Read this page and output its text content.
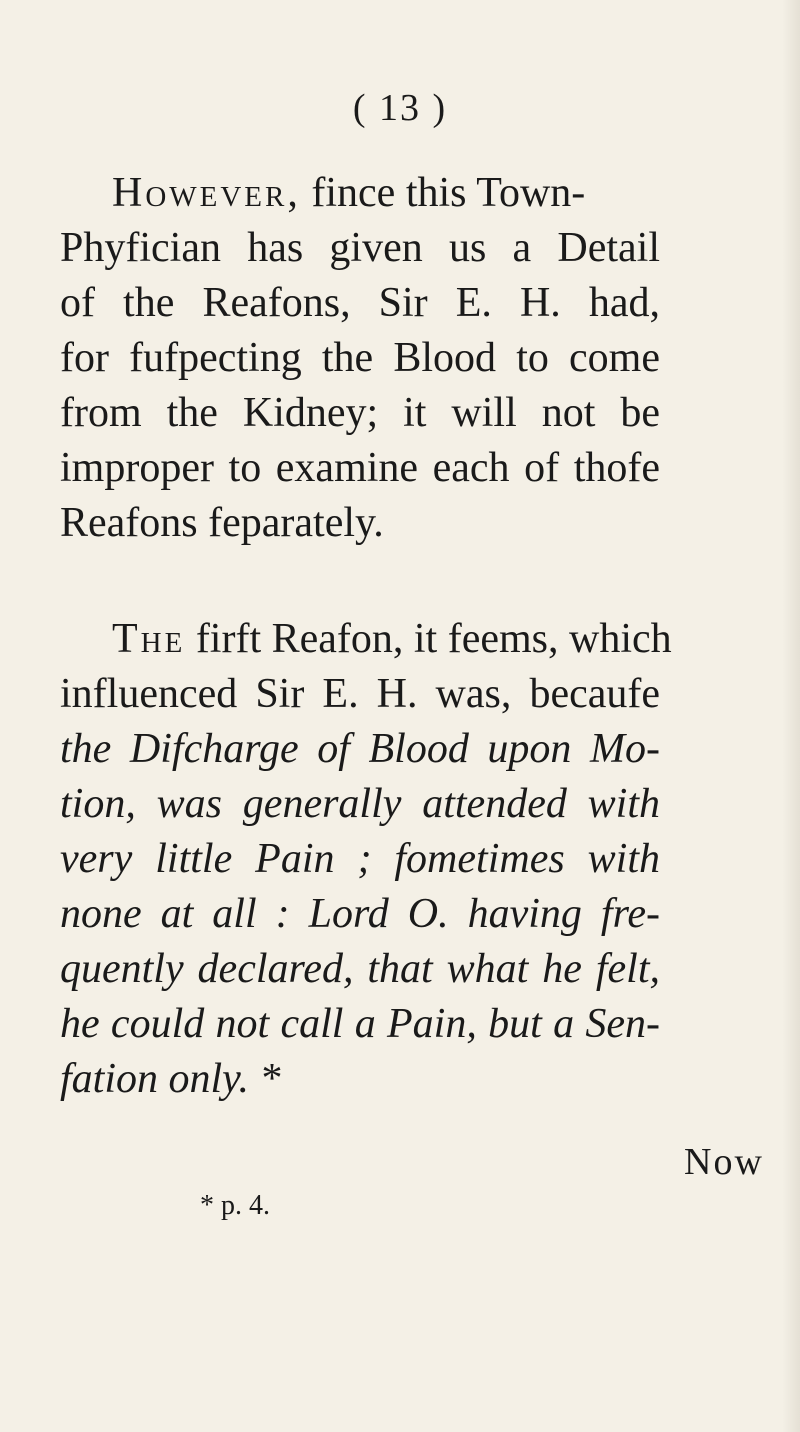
( 13 )
However, fince this Town-
Phyfician has given us a Detail
of the Reafons, Sir E. H. had,
for fufpecting the Blood to come
from the Kidney; it will not be
improper to examine each of thofe
Reafons feparately.
The firft Reafon, it feems, which
influenced Sir E. H. was, becaufe
the Difcharge of Blood upon Mo-
tion, was generally attended with
very little Pain ; fometimes with
none at all : Lord O. having fre-
quently declared, that what he felt,
he could not call a Pain, but a Sen-
fation only. *
Now
* p. 4.
